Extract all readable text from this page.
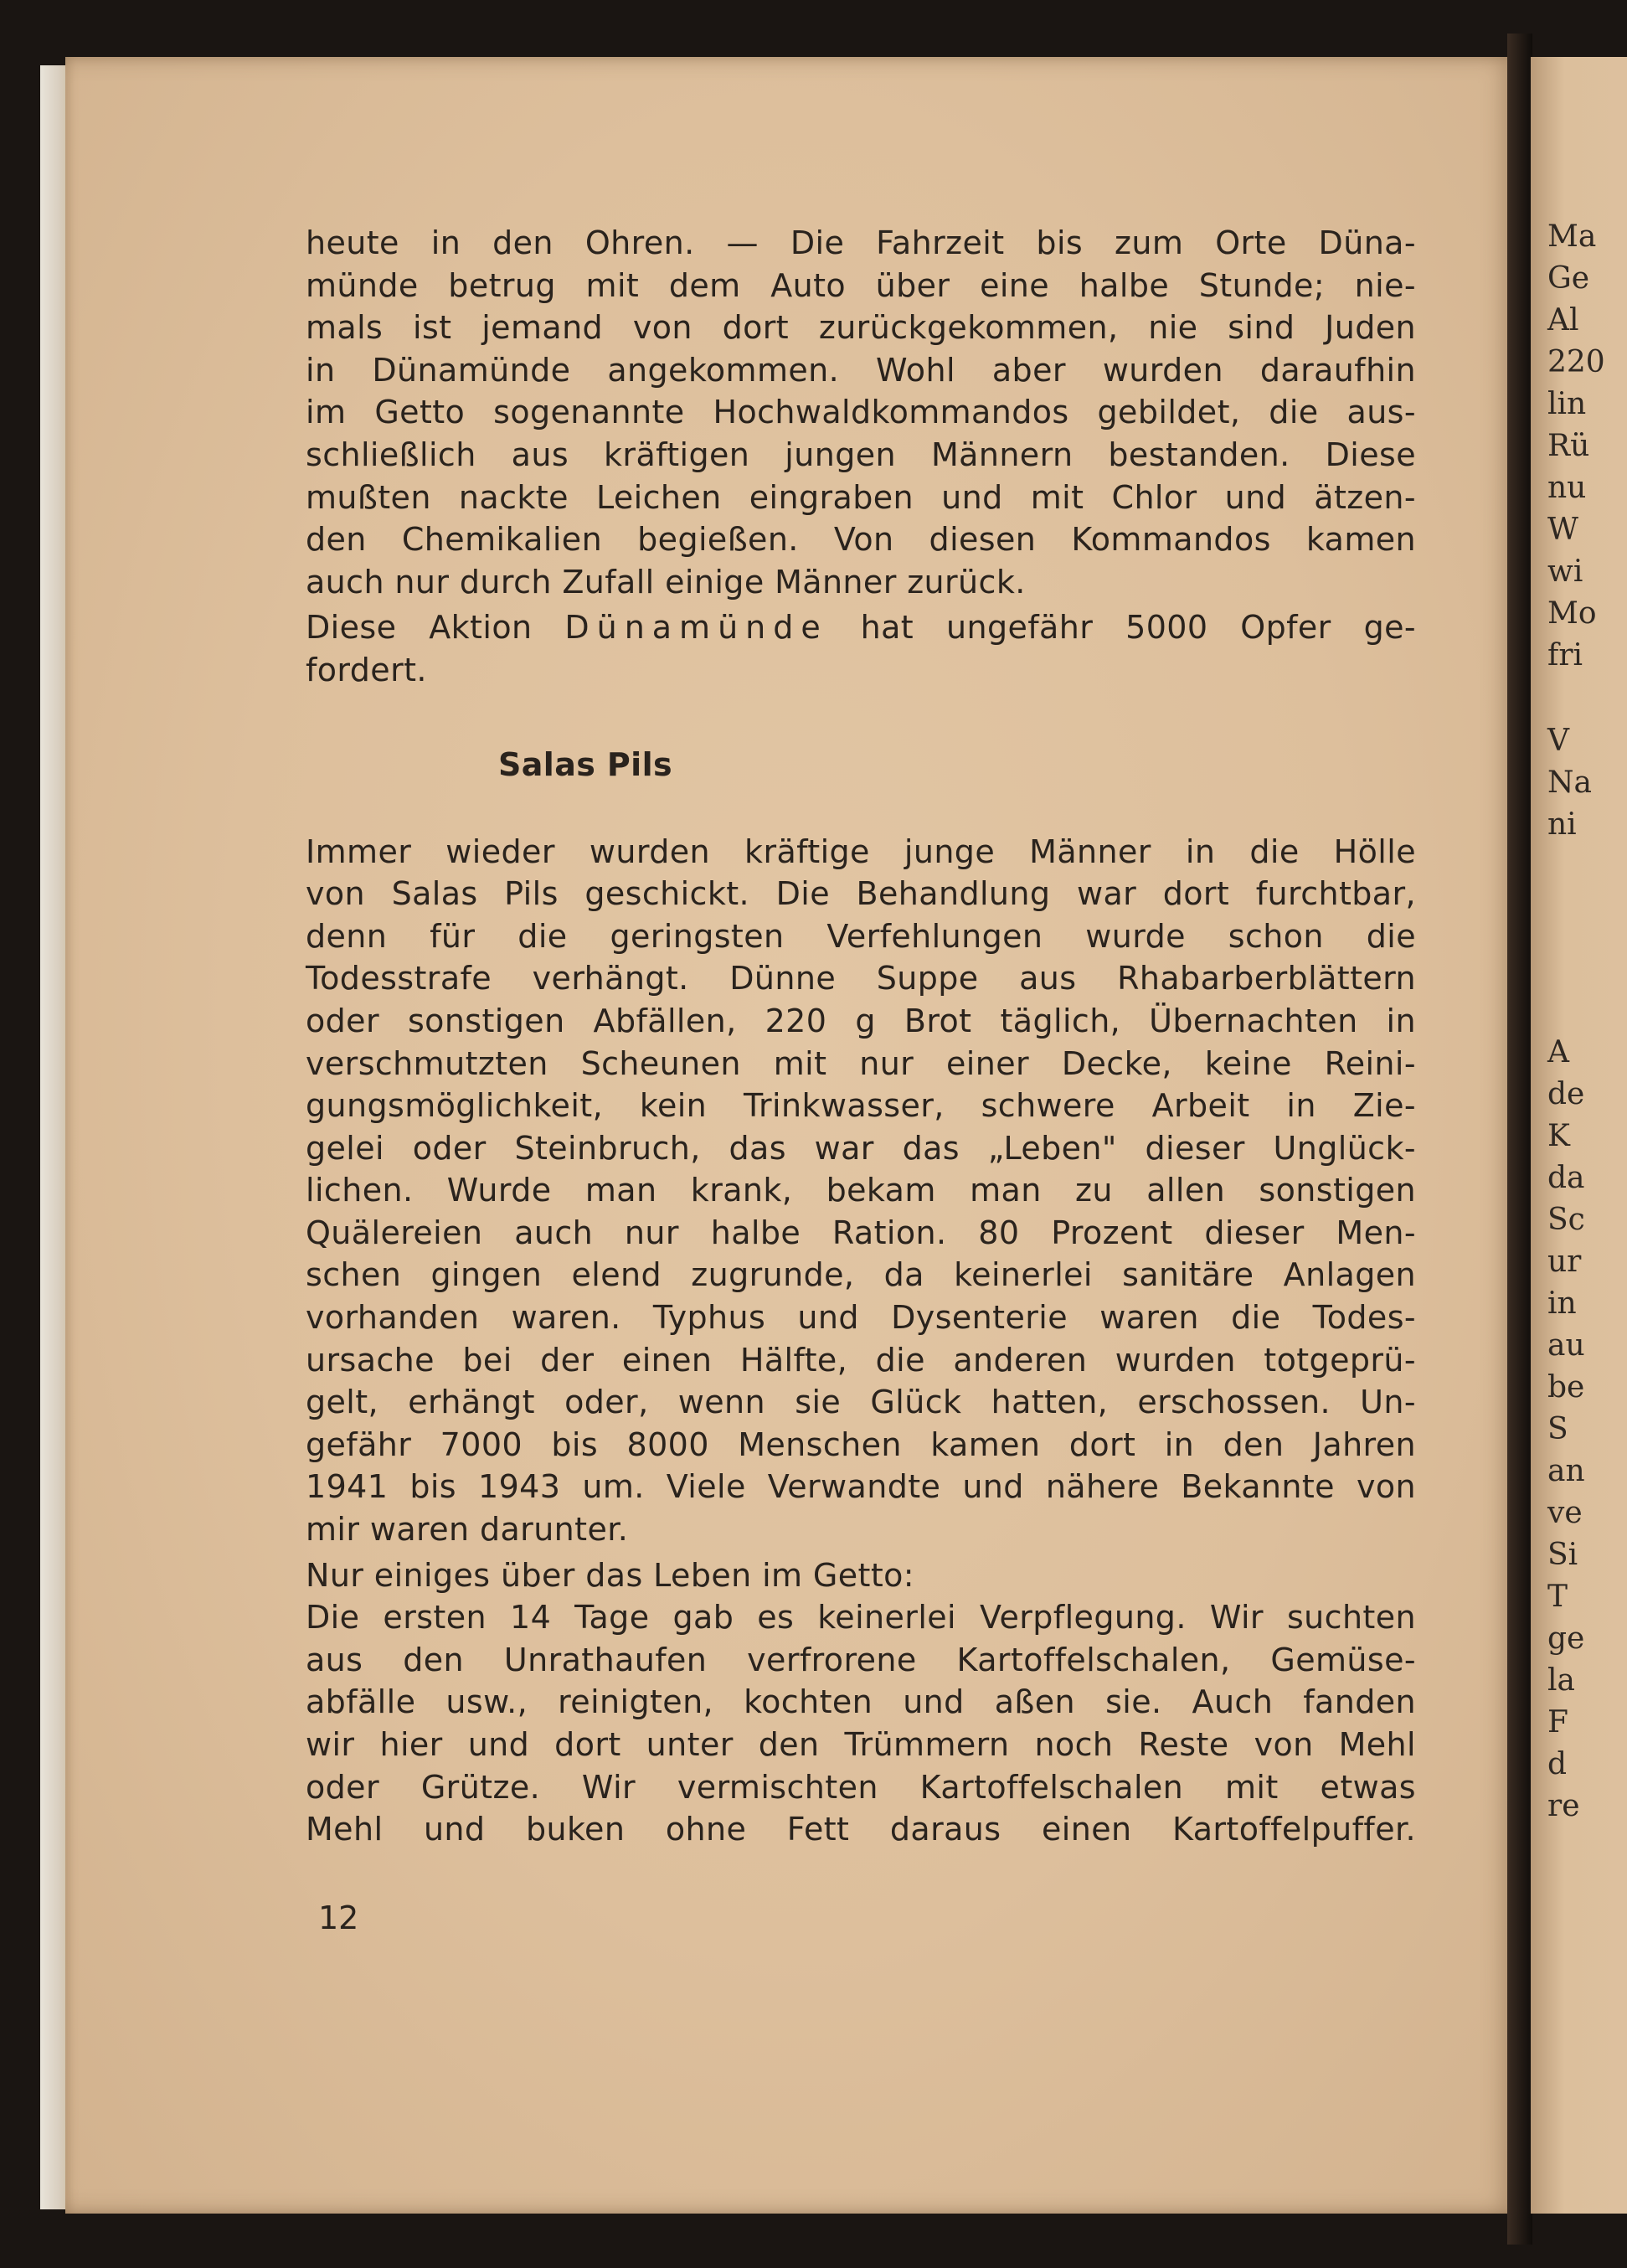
Ma
Ge
Al
220
lin
Rü
nu
W
wi
Mo
fri
V
Na
ni
A
de
K
da
Sc
ur
in
au
be
S
an
ve
Si
T
ge
la
F
d
re
heute in den Ohren. — Die Fahrzeit bis zum Orte Düna-
münde betrug mit dem Auto über eine halbe Stunde; nie-
mals ist jemand von dort zurückgekommen, nie sind Juden
in Dünamünde angekommen. Wohl aber wurden daraufhin
im Getto sogenannte Hochwaldkommandos gebildet, die aus-
schließlich aus kräftigen jungen Männern bestanden. Diese
mußten nackte Leichen eingraben und mit Chlor und ätzen-
den Chemikalien begießen. Von diesen Kommandos kamen
auch nur durch Zufall einige Männer zurück.
Diese Aktion Dünamünde hat ungefähr 5000 Opfer ge-
fordert.
Salas Pils
Immer wieder wurden kräftige junge Männer in die Hölle
von Salas Pils geschickt. Die Behandlung war dort furchtbar,
denn für die geringsten Verfehlungen wurde schon die
Todesstrafe verhängt. Dünne Suppe aus Rhabarberblättern
oder sonstigen Abfällen, 220 g Brot täglich, Übernachten in
verschmutzten Scheunen mit nur einer Decke, keine Reini-
gungsmöglichkeit, kein Trinkwasser, schwere Arbeit in Zie-
gelei oder Steinbruch, das war das „Leben" dieser Unglück-
lichen. Wurde man krank, bekam man zu allen sonstigen
Quälereien auch nur halbe Ration. 80 Prozent dieser Men-
schen gingen elend zugrunde, da keinerlei sanitäre Anlagen
vorhanden waren. Typhus und Dysenterie waren die Todes-
ursache bei der einen Hälfte, die anderen wurden totgeprü-
gelt, erhängt oder, wenn sie Glück hatten, erschossen. Un-
gefähr 7000 bis 8000 Menschen kamen dort in den Jahren
1941 bis 1943 um. Viele Verwandte und nähere Bekannte von
mir waren darunter.
Nur einiges über das Leben im Getto:
Die ersten 14 Tage gab es keinerlei Verpflegung. Wir suchten
aus den Unrathaufen verfrorene Kartoffelschalen, Gemüse-
abfälle usw., reinigten, kochten und aßen sie. Auch fanden
wir hier und dort unter den Trümmern noch Reste von Mehl
oder Grütze. Wir vermischten Kartoffelschalen mit etwas
Mehl und buken ohne Fett daraus einen Kartoffelpuffer.
12
